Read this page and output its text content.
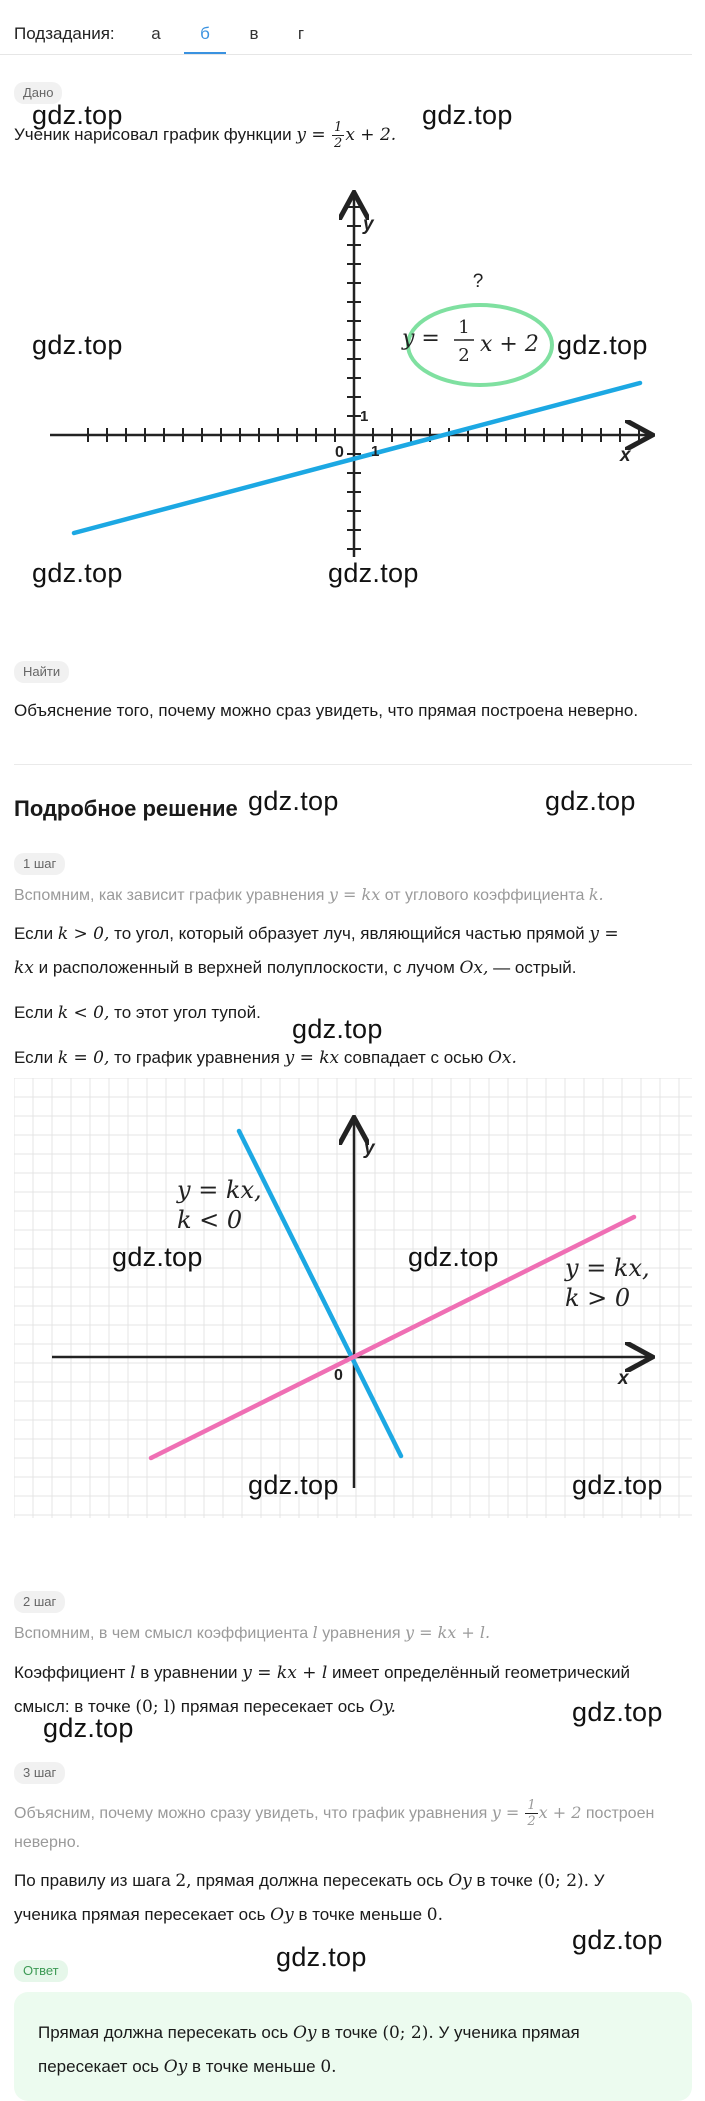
Подзадания:	а	б	в	г
Дано
Ученик нарисовал график функции $y = \frac{1}{2}$ x + 2.
y = 1
2 x + 2
?
y
x
0 1
1
Найти
Объяснение того, почему можно сраз увидеть, что прямая построена неверно.
Подробное решение
1 шаг
Вспомним, как зависит график уравнения y = kx от углового коэффициента k.
Если k > 0, то угол, который образует луч, являющийся частью прямой y =
kx и расположенный в верхней полуплоскости, с лучом Ox, — острый.
Если k < 0, то этот угол тупой.
Если k = 0, то график уравнения y = kx совпадает с осью Ox.
y
x
0
y = kx,
k < 0
y = kx,
k > 0
2 шаг
Вспомним, в чем смысл коэффициента l уравнения y = kx + l.
Коэффициент l в уравнении y = kx + l имеет определённый геометрический
смысл: в точке (0; l) прямая пересекает ось Oy.
3 шаг
Объясним, почему можно сразу увидеть, что график уравнения $y = \frac{1}{2}$ x + 2 построен
неверно.
По правилу из шага 2, прямая должна пересекать ось Oy в точке (0; 2). У
ученика прямая пересекает ось Oy в точке меньше 0.
Ответ
Прямая должна пересекать ось Oy в точке (0; 2). У ученика прямая
пересекает ось Oy в точке меньше 0.
gdz.top	gdz.top
gdz.top	gdz.top
gdz.top	gdz.top
gdz.top	gdz.top
gdz.top
gdz.top	gdz.top
gdz.top	gdz.top
gdz.top
gdz.top
gdz.top
gdz.top
